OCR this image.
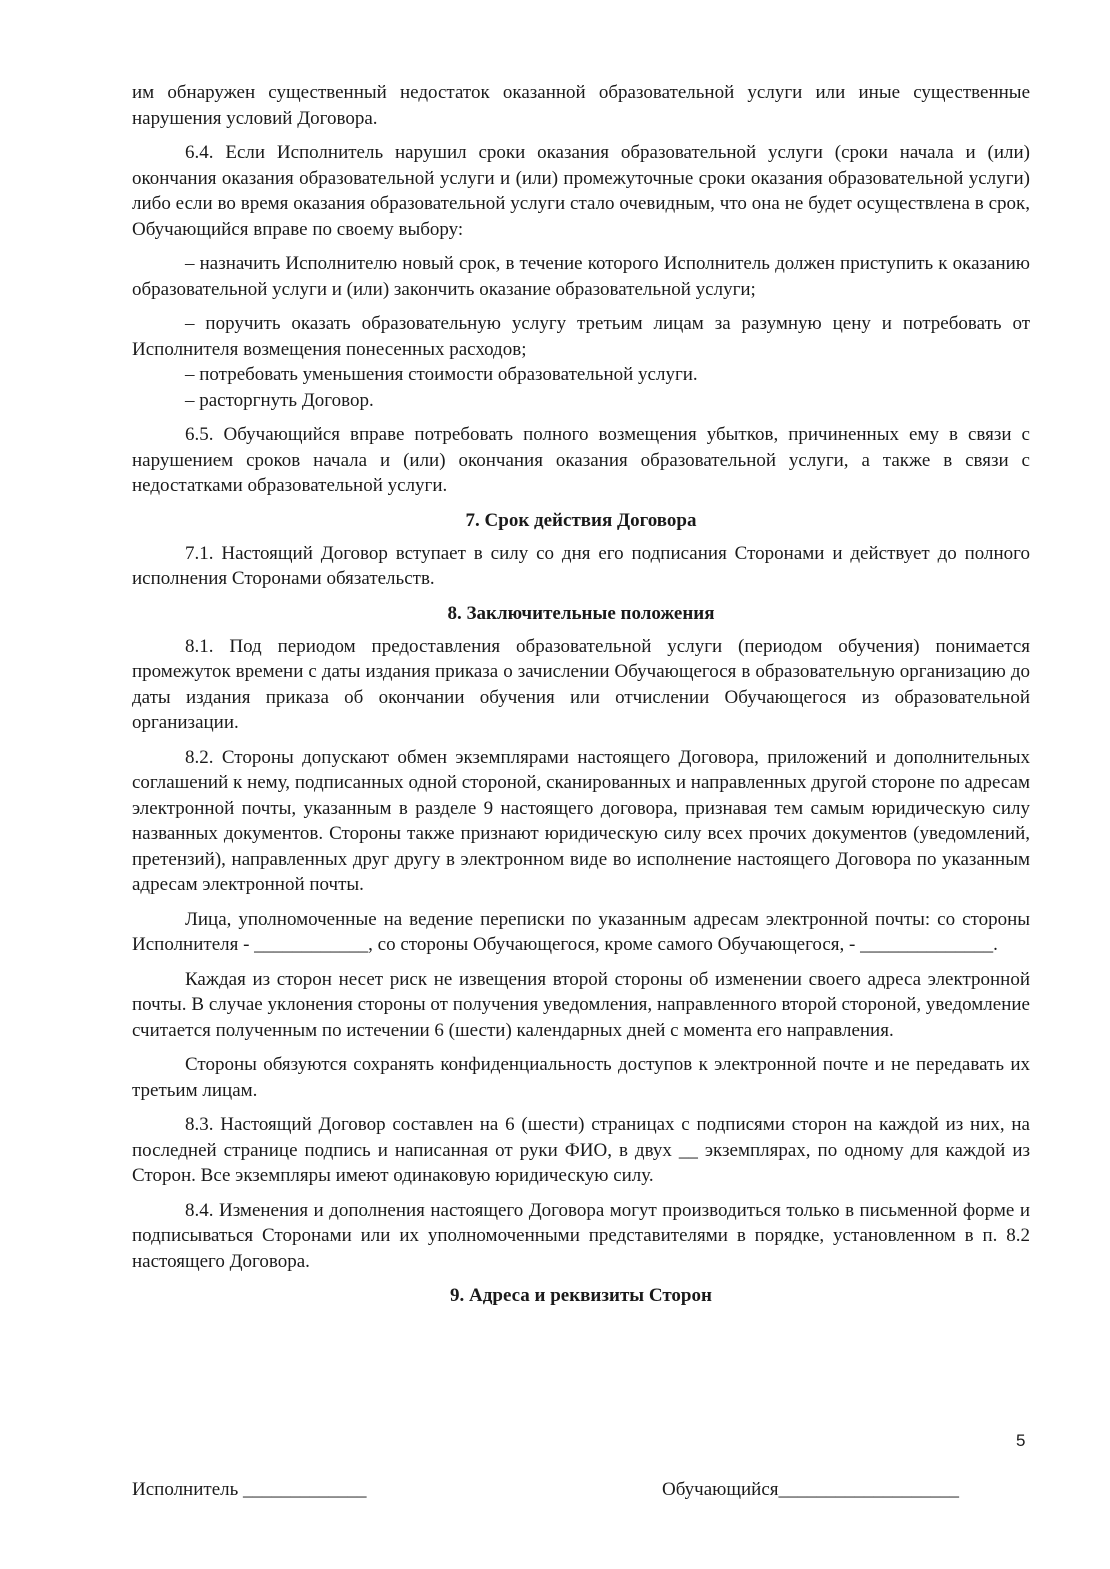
им обнаружен существенный недостаток оказанной образовательной услуги или иные существенные нарушения условий Договора.

6.4. Если Исполнитель нарушил сроки оказания образовательной услуги (сроки начала и (или) окончания оказания образовательной услуги и (или) промежуточные сроки оказания образовательной услуги) либо если во время оказания образовательной услуги стало очевидным, что она не будет осуществлена в срок, Обучающийся вправе по своему выбору:

– назначить Исполнителю новый срок, в течение которого Исполнитель должен приступить к оказанию образовательной услуги и (или) закончить оказание образовательной услуги;

– поручить оказать образовательную услугу третьим лицам за разумную цену и потребовать от Исполнителя возмещения понесенных расходов;

– потребовать уменьшения стоимости образовательной услуги.

– расторгнуть Договор.

6.5. Обучающийся вправе потребовать полного возмещения убытков, причиненных ему в связи с нарушением сроков начала и (или) окончания оказания образовательной услуги, а также в связи с недостатками образовательной услуги.

7. Срок действия Договора

7.1. Настоящий Договор вступает в силу со дня его подписания Сторонами и действует до полного исполнения Сторонами обязательств.

8. Заключительные положения

8.1. Под периодом предоставления образовательной услуги (периодом обучения) понимается промежуток времени с даты издания приказа о зачислении Обучающегося в образовательную организацию до даты издания приказа об окончании обучения или отчислении Обучающегося из образовательной организации.

8.2. Стороны допускают обмен экземплярами настоящего Договора, приложений и дополнительных соглашений к нему, подписанных одной стороной, сканированных и направленных другой стороне по адресам электронной почты, указанным в разделе 9 настоящего договора, признавая тем самым юридическую силу названных документов. Стороны также признают юридическую силу всех прочих документов (уведомлений, претензий), направленных друг другу в электронном виде во исполнение настоящего Договора по указанным адресам электронной почты.

Лица, уполномоченные на ведение переписки по указанным адресам электронной почты: со стороны Исполнителя - ____________, со стороны Обучающегося, кроме самого Обучающегося, - ______________.

Каждая из сторон несет риск не извещения второй стороны об изменении своего адреса электронной почты. В случае уклонения стороны от получения уведомления, направленного второй стороной, уведомление считается полученным по истечении 6 (шести) календарных дней с момента его направления.

Стороны обязуются сохранять конфиденциальность доступов к электронной почте и не передавать их третьим лицам.

8.3. Настоящий Договор составлен на 6 (шести) страницах с подписями сторон на каждой из них, на последней странице подпись и написанная от руки ФИО, в двух __ экземплярах, по одному для каждой из Сторон. Все экземпляры имеют одинаковую юридическую силу.

8.4. Изменения и дополнения настоящего Договора могут производиться только в письменной форме и подписываться Сторонами или их уполномоченными представителями в порядке, установленном в п. 8.2 настоящего Договора.

9. Адреса и реквизиты Сторон
5
Исполнитель _____________	Обучающийся___________________
